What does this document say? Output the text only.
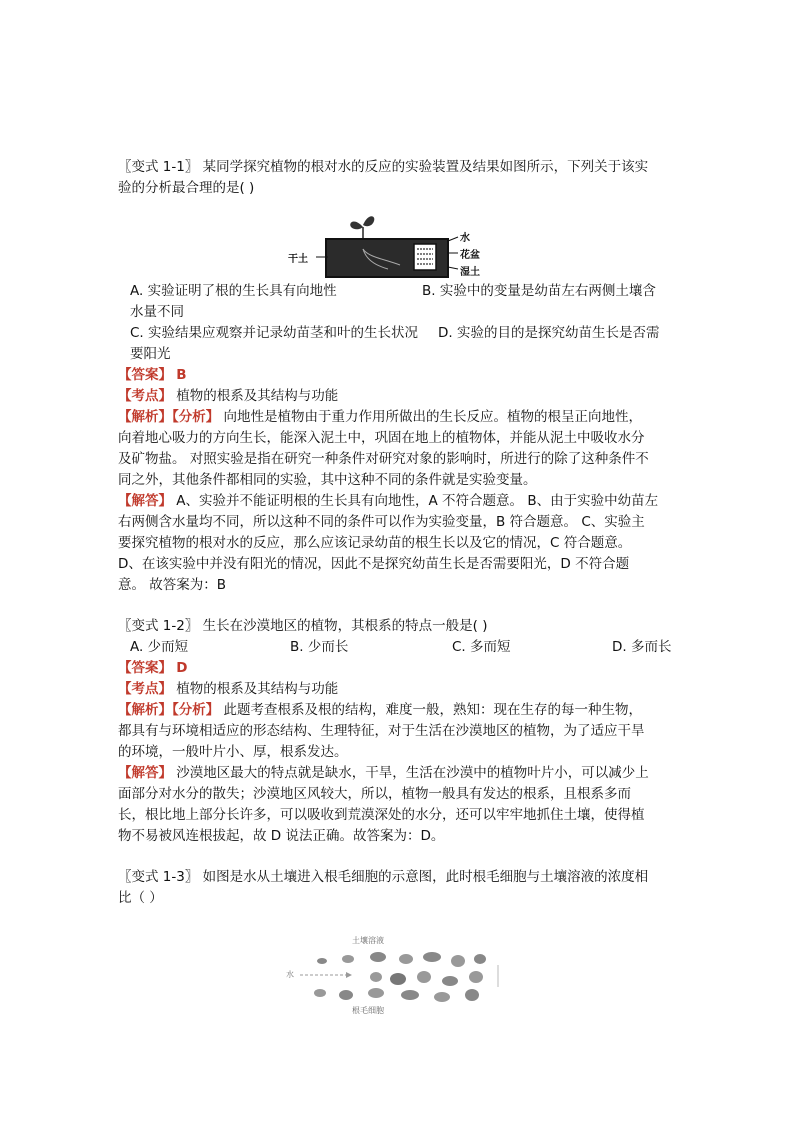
〖变式 1-1〗 某同学探究植物的根对水的反应的实验装置及结果如图所示，下列关于该实
验的分析最合理的是( )
水
花盆
湿土
干土
A. 实验证明了根的生长具有向地性	B. 实验中的变量是幼苗左右两侧土壤含
水量不同
C. 实验结果应观察并记录幼苗茎和叶的生长状况 D. 实验的目的是探究幼苗生长是否需
要阳光
【答案】 B
【考点】 植物的根系及其结构与功能
【解析】【分析】 向地性是植物由于重力作用所做出的生长反应。植物的根呈正向地性，
向着地心吸力的方向生长，能深入泥土中，巩固在地上的植物体，并能从泥土中吸收水分
及矿物盐。 对照实验是指在研究一种条件对研究对象的影响时，所进行的除了这种条件不
同之外，其他条件都相同的实验，其中这种不同的条件就是实验变量。
【解答】 A、实验并不能证明根的生长具有向地性，A 不符合题意。 B、由于实验中幼苗左
右两侧含水量均不同，所以这种不同的条件可以作为实验变量，B 符合题意。 C、实验主
要探究植物的根对水的反应，那么应该记录幼苗的根生长以及它的情况，C 符合题意。
D、在该实验中并没有阳光的情况，因此不是探究幼苗生长是否需要阳光，D 不符合题
意。 故答案为：B
〖变式 1-2〗 生长在沙漠地区的植物，其根系的特点一般是( )
A. 少而短	B. 少而长	C. 多而短	D. 多而长
【答案】 D
【考点】 植物的根系及其结构与功能
【解析】【分析】 此题考查根系及根的结构，难度一般，熟知：现在生存的每一种生物，
都具有与环境相适应的形态结构、生理特征，对于生活在沙漠地区的植物，为了适应干旱
的环境，一般叶片小、厚，根系发达。
【解答】 沙漠地区最大的特点就是缺水，干旱，生活在沙漠中的植物叶片小，可以减少上
面部分对水分的散失；沙漠地区风较大，所以，植物一般具有发达的根系，且根系多而
长，根比地上部分长许多，可以吸收到荒漠深处的水分，还可以牢牢地抓住土壤，使得植
物不易被风连根拔起，故 D 说法正确。故答案为：D。
〖变式 1-3〗 如图是水从土壤进入根毛细胞的示意图，此时根毛细胞与土壤溶液的浓度相
比（ ）
土壤溶液
水
根毛细胞
